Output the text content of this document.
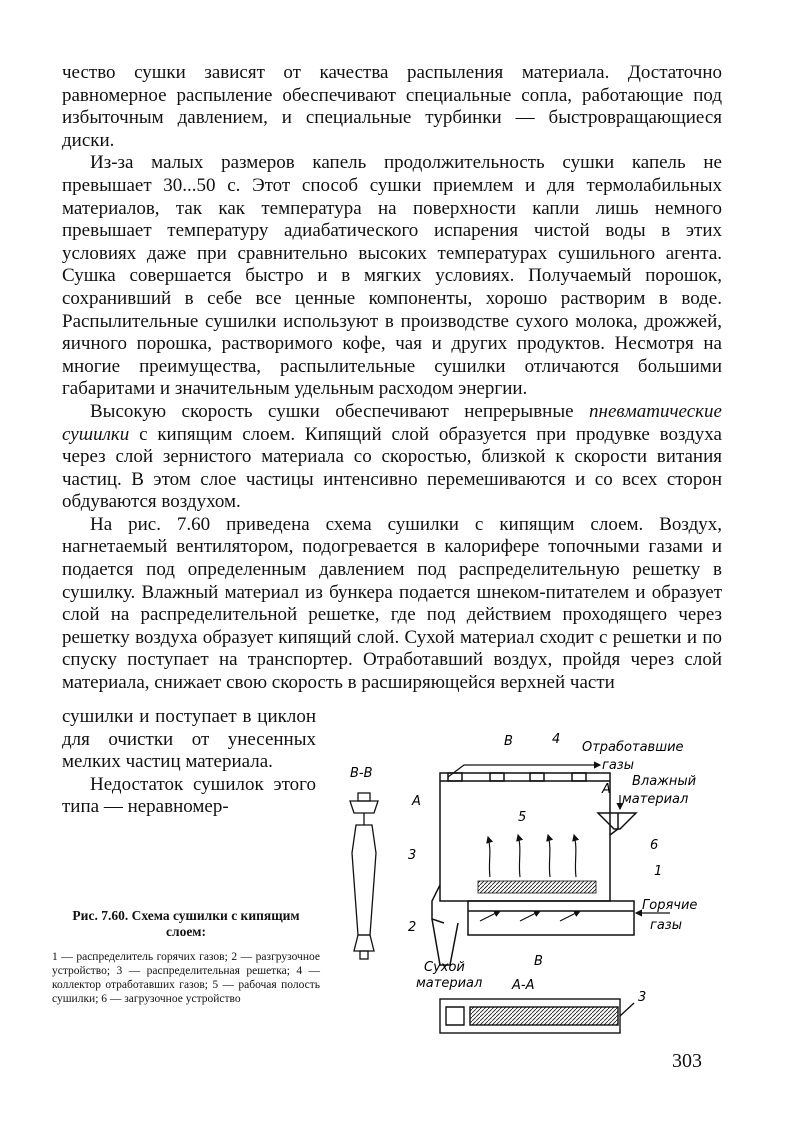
чество сушки зависят от качества распыления материала. Достаточно равномерное распыление обеспечивают специальные сопла, работающие под избыточным давлением, и специальные турбинки — быстровращающиеся диски.

Из-за малых размеров капель продолжительность сушки капель не превышает 30...50 с. Этот способ сушки приемлем и для термолабильных материалов, так как температура на поверхности капли лишь немного превышает температуру адиабатического испарения чистой воды в этих условиях даже при сравнительно высоких температурах сушильного агента. Сушка совершается быстро и в мягких условиях. Получаемый порошок, сохранивший в себе все ценные компоненты, хорошо растворим в воде. Распылительные сушилки используют в производстве сухого молока, дрожжей, яичного порошка, растворимого кофе, чая и других продуктов. Несмотря на многие преимущества, распылительные сушилки отличаются большими габаритами и значительным удельным расходом энергии.

Высокую скорость сушки обеспечивают непрерывные пневматические сушилки с кипящим слоем. Кипящий слой образуется при продувке воздуха через слой зернистого материала со скоростью, близкой к скорости витания частиц. В этом слое частицы интенсивно перемешиваются и со всех сторон обдуваются воздухом.

На рис. 7.60 приведена схема сушилки с кипящим слоем. Воздух, нагнетаемый вентилятором, подогревается в калорифере топочными газами и подается под определенным давлением под распределительную решетку в сушилку. Влажный материал из бункера подается шнеком-питателем и образует слой на распределительной решетке, где под действием проходящего через решетку воздуха образует кипящий слой. Сухой материал сходит с решетки и по спуску поступает на транспортер. Отработавший воздух, пройдя через слой материала, снижает свою скорость в расширяющейся верхней части

сушилки и поступает в циклон для очистки от унесенных мелких частиц материала.

Недостаток сушилок этого типа — неравномер-

Рис. 7.60. Схема сушилки с кипящим слоем:

1 — распределитель горячих газов; 2 — разгрузочное устройство; 3 — распределительная решетка; 4 — коллектор отработавших газов; 5 — рабочая полость сушилки; 6 — загрузочное устройство

В-В
В	4
Отработавшие
газы
Влажный
материал
А
А
5
6
3
1
Горячие
газы
2
В
Сухой
материал А-А
3
303
